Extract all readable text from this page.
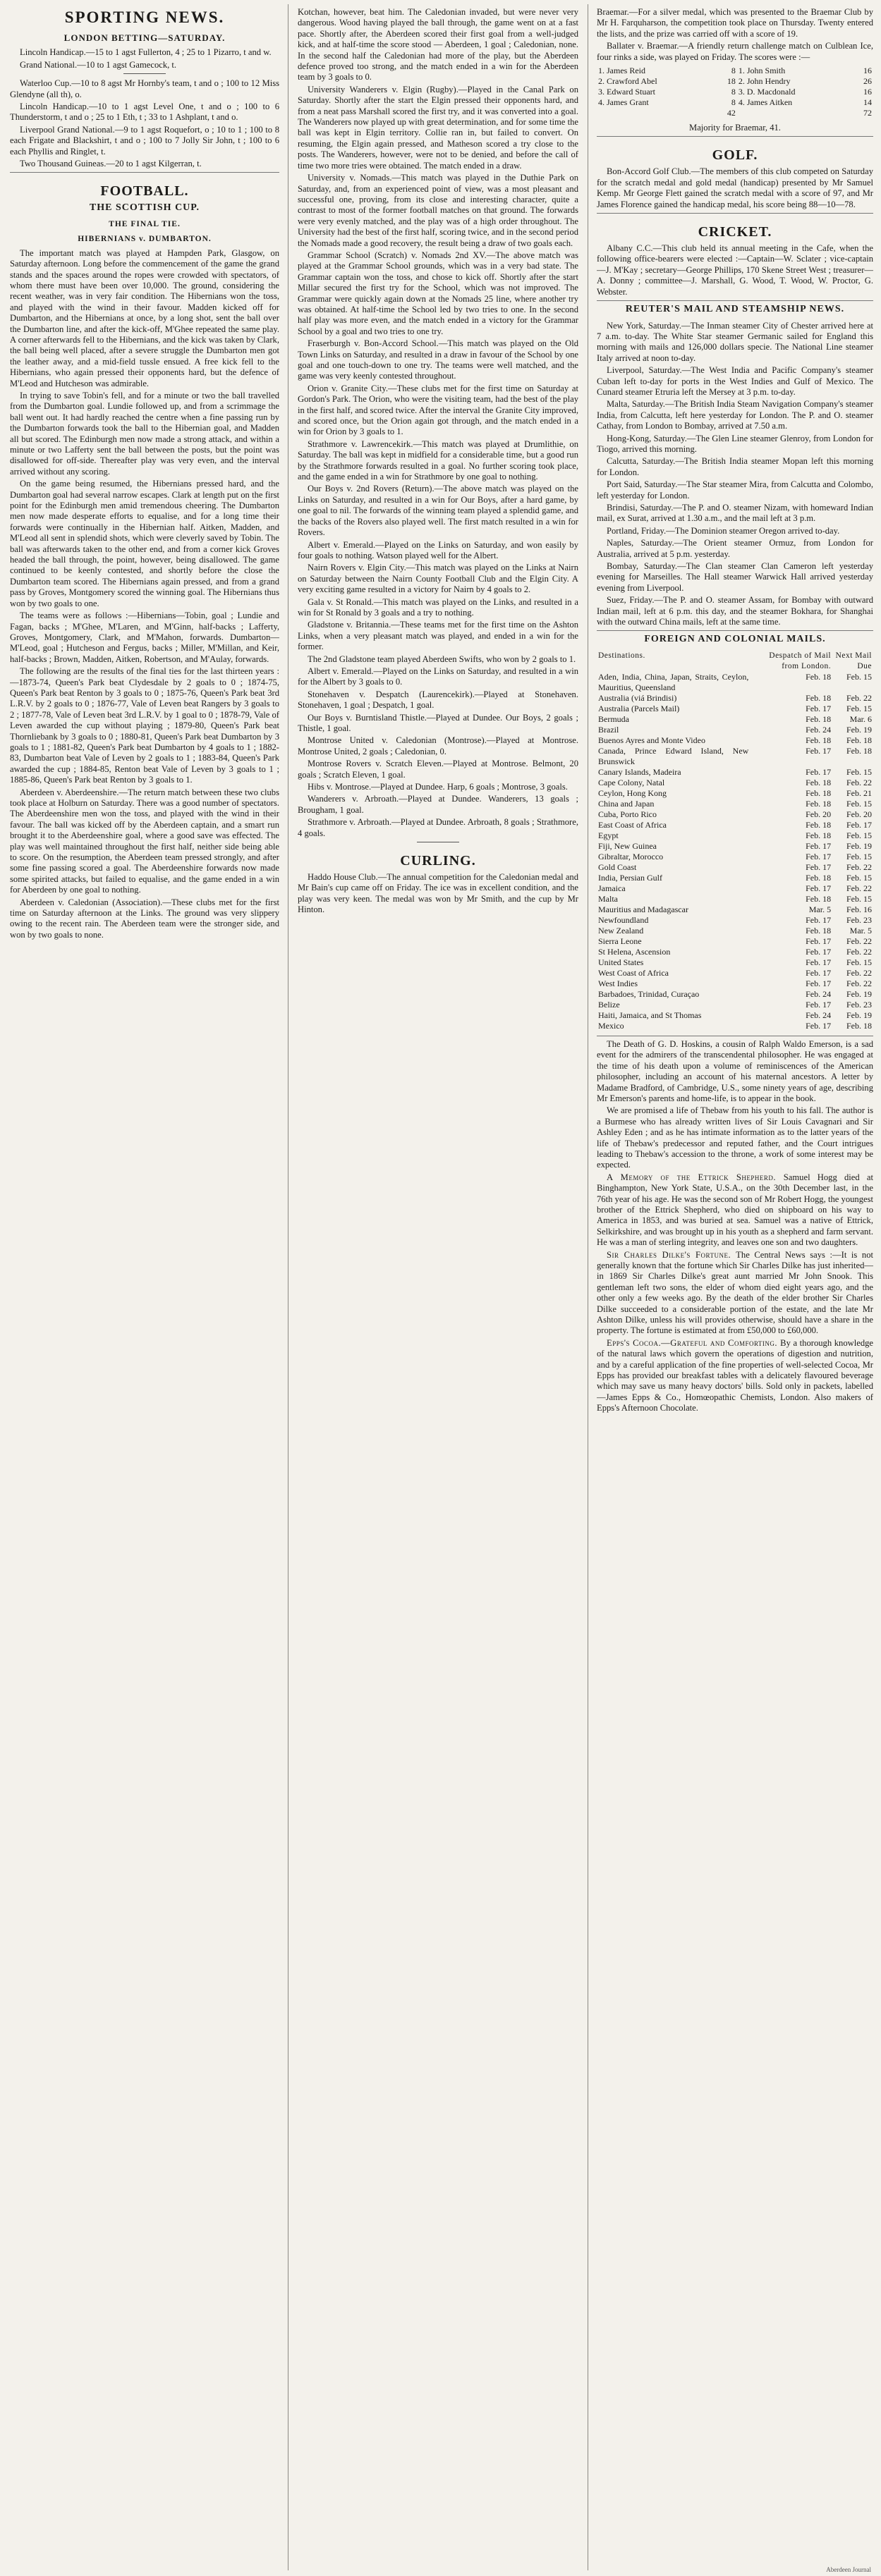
SPORTING NEWS.
LONDON BETTING—SATURDAY.

Lincoln Handicap.—15 to 1 agst Fullerton, 4 ; 25 to 1 Pizarro, t and w.

Grand National.—10 to 1 agst Gamecock, t.

Waterloo Cup.—10 to 8 agst Mr Hornby's team, t and o ; 100 to 12 Miss Glendyne (all th), o.

Lincoln Handicap.—10 to 1 agst Level One, t and o ; 100 to 6 Thunderstorm, t and o ; 25 to 1 Eth, t ; 33 to 1 Ashplant, t and o.

Liverpool Grand National.—9 to 1 agst Roquefort, o ; 10 to 1 ; 100 to 8 each Frigate and Blackshirt, t and o ; 100 to 7 Jolly Sir John, t ; 100 to 6 each Phyllis and Ringlet, t.

Two Thousand Guineas.—20 to 1 agst Kilgerran, t.

FOOTBALL.
THE SCOTTISH CUP.
THE FINAL TIE.
HIBERNIANS v. DUMBARTON.

The important match was played at Hampden Park, Glasgow, on Saturday afternoon. Long before the commencement of the game the grand stands and the spaces around the ropes were crowded with spectators, of whom there must have been over 10,000. The ground, considering the recent weather, was in very fair condition. The Hibernians won the toss, and played with the wind in their favour. Madden kicked off for Dumbarton, and the Hibernians at once, by a long shot, sent the ball over the Dumbarton line, and after the kick-off, M'Ghee repeated the same play. A corner afterwards fell to the Hibernians, and the kick was taken by Clark, the ball being well placed, after a severe struggle the Dumbarton men got the leather away, and a mid-field tussle ensued. A free kick fell to the Hibernians, who again pressed their opponents hard, but the defence of M'Leod and Hutcheson was admirable.

In trying to save Tobin's fell, and for a minute or two the ball travelled from the Dumbarton goal. Lundie followed up, and from a scrimmage the ball went out. It had hardly reached the centre when a fine passing run by the Dumbarton forwards took the ball to the Hibernian goal, and Madden all but scored. The Edinburgh men now made a strong attack, and within a minute or two Lafferty sent the ball between the posts, but the point was disallowed for off-side. Thereafter play was very even, and the interval arrived without any scoring.

On the game being resumed, the Hibernians pressed hard, and the Dumbarton goal had several narrow escapes. Clark at length put on the first point for the Edinburgh men amid tremendous cheering. The Dumbarton men now made desperate efforts to equalise, and for a long time their forwards were continually in the Hibernian half. Aitken, Madden, and M'Leod all sent in splendid shots, which were cleverly saved by Tobin. The ball was afterwards taken to the other end, and from a corner kick Groves headed the ball through, the point, however, being disallowed. The game continued to be keenly contested, and shortly before the close the Dumbarton team scored. The Hibernians again pressed, and from a grand pass by Groves, Montgomery scored the winning goal. The Hibernians thus won by two goals to one.

The teams were as follows :—Hibernians—Tobin, goal ; Lundie and Fagan, backs ; M'Ghee, M'Laren, and M'Ginn, half-backs ; Lafferty, Groves, Montgomery, Clark, and M'Mahon, forwards. Dumbarton—M'Leod, goal ; Hutcheson and Fergus, backs ; Miller, M'Millan, and Keir, half-backs ; Brown, Madden, Aitken, Robertson, and M'Aulay, forwards.

The following are the results of the final ties for the last thirteen years :—1873-74, Queen's Park beat Clydesdale by 2 goals to 0 ; 1874-75, Queen's Park beat Renton by 3 goals to 0 ; 1875-76, Queen's Park beat 3rd L.R.V. by 2 goals to 0 ; 1876-77, Vale of Leven beat Rangers by 3 goals to 2 ; 1877-78, Vale of Leven beat 3rd L.R.V. by 1 goal to 0 ; 1878-79, Vale of Leven awarded the cup without playing ; 1879-80, Queen's Park beat Thornliebank by 3 goals to 0 ; 1880-81, Queen's Park beat Dumbarton by 3 goals to 1 ; 1881-82, Queen's Park beat Dumbarton by 4 goals to 1 ; 1882-83, Dumbarton beat Vale of Leven by 2 goals to 1 ; 1883-84, Queen's Park awarded the cup ; 1884-85, Renton beat Vale of Leven by 3 goals to 1 ; 1885-86, Queen's Park beat Renton by 3 goals to 1.

Aberdeen v. Aberdeenshire.—The return match between these two clubs took place at Holburn on Saturday. There was a good number of spectators. The Aberdeenshire men won the toss, and played with the wind in their favour. The ball was kicked off by the Aberdeen captain, and a smart run brought it to the Aberdeenshire goal, where a good save was effected. The play was well maintained throughout the first half, neither side being able to score. On the resumption, the Aberdeen team pressed strongly, and after some fine passing scored a goal. The Aberdeenshire forwards now made some spirited attacks, but failed to equalise, and the game ended in a win for Aberdeen by one goal to nothing.

Aberdeen v. Caledonian (Association).—These clubs met for the first time on Saturday afternoon at the Links. The ground was very slippery owing to the recent rain. The Aberdeen team were the stronger side, and won by two goals to none.

Kotchan, however, beat him. The Caledonian invaded, but were never very dangerous. Wood having played the ball through, the game went on at a fast pace. Shortly after, the Aberdeen scored their first goal from a well-judged kick, and at half-time the score stood — Aberdeen, 1 goal ; Caledonian, none. In the second half the Caledonian had more of the play, but the Aberdeen defence proved too strong, and the match ended in a win for the Aberdeen team by 3 goals to 0.

University Wanderers v. Elgin (Rugby).—Played in the Canal Park on Saturday. Shortly after the start the Elgin pressed their opponents hard, and from a neat pass Marshall scored the first try, and it was converted into a goal. The Wanderers now played up with great determination, and for some time the ball was kept in Elgin territory. Collie ran in, but failed to convert. On resuming, the Elgin again pressed, and Matheson scored a try close to the posts. The Wanderers, however, were not to be denied, and before the call of time two more tries were obtained. The match ended in a draw.

University v. Nomads.—This match was played in the Duthie Park on Saturday, and, from an experienced point of view, was a most pleasant and successful one, proving, from its close and interesting character, quite a contrast to most of the former football matches on that ground. The forwards were very evenly matched, and the play was of a high order throughout. The University had the best of the first half, scoring twice, and in the second period the Nomads made a good recovery, the result being a draw of two goals each.

Grammar School (Scratch) v. Nomads 2nd XV.—The above match was played at the Grammar School grounds, which was in a very bad state. The Grammar captain won the toss, and chose to kick off. Shortly after the start Millar secured the first try for the School, which was not improved. The Grammar were quickly again down at the Nomads 25 line, where another try was obtained. At half-time the School led by two tries to one. In the second half play was more even, and the match ended in a victory for the Grammar School by a goal and two tries to one try.

Fraserburgh v. Bon-Accord School.—This match was played on the Old Town Links on Saturday, and resulted in a draw in favour of the School by one goal and one touch-down to one try. The teams were well matched, and the game was very keenly contested throughout.

Orion v. Granite City.—These clubs met for the first time on Saturday at Gordon's Park. The Orion, who were the visiting team, had the best of the play in the first half, and scored twice. After the interval the Granite City improved, and scored once, but the Orion again got through, and the match ended in a win for Orion by 3 goals to 1.

Strathmore v. Lawrencekirk.—This match was played at Drumlithie, on Saturday. The ball was kept in midfield for a considerable time, but a good run by the Strathmore forwards resulted in a goal. No further scoring took place, and the game ended in a win for Strathmore by one goal to nothing.

Our Boys v. 2nd Rovers (Return).—The above match was played on the Links on Saturday, and resulted in a win for Our Boys, after a hard game, by one goal to nil. The forwards of the winning team played a splendid game, and the backs of the Rovers also played well. The first match resulted in a win for Rovers.

Albert v. Emerald.—Played on the Links on Saturday, and won easily by four goals to nothing. Watson played well for the Albert.

Nairn Rovers v. Elgin City.—This match was played on the Links at Nairn on Saturday between the Nairn County Football Club and the Elgin City. A very exciting game resulted in a victory for Nairn by 4 goals to 2.

Gala v. St Ronald.—This match was played on the Links, and resulted in a win for St Ronald by 3 goals and a try to nothing.

Gladstone v. Britannia.—These teams met for the first time on the Ashton Links, when a very pleasant match was played, and ended in a win for the former.

The 2nd Gladstone team played Aberdeen Swifts, who won by 2 goals to 1.

Albert v. Emerald.—Played on the Links on Saturday, and resulted in a win for the Albert by 3 goals to 0.

Stonehaven v. Despatch (Laurencekirk).—Played at Stonehaven. Stonehaven, 1 goal ; Despatch, 1 goal.

Our Boys v. Burntisland Thistle.—Played at Dundee. Our Boys, 2 goals ; Thistle, 1 goal.

Montrose United v. Caledonian (Montrose).—Played at Montrose. Montrose United, 2 goals ; Caledonian, 0.

Montrose Rovers v. Scratch Eleven.—Played at Montrose. Belmont, 20 goals ; Scratch Eleven, 1 goal.

Hibs v. Montrose.—Played at Dundee. Harp, 6 goals ; Montrose, 3 goals.

Wanderers v. Arbroath.—Played at Dundee. Wanderers, 13 goals ; Brougham, 1 goal.

Strathmore v. Arbroath.—Played at Dundee. Arbroath, 8 goals ; Strathmore, 4 goals.

CURLING.

Haddo House Club.—The annual competition for the Caledonian medal and Mr Bain's cup came off on Friday. The ice was in excellent condition, and the play was very keen. The medal was won by Mr Smith, and the cup by Mr Hinton.

Braemar.—For a silver medal, which was presented to the Braemar Club by Mr H. Farquharson, the competition took place on Thursday. Twenty entered the lists, and the prize was carried off with a score of 19.

Ballater v. Braemar.—A friendly return challenge match on Culblean Ice, four rinks a side, was played on Friday. The scores were :—

1. James Reid	8	1. John Smith	16
2. Crawford Abel	18	2. John Hendry	26
3. Edward Stuart	8	3. D. Macdonald	16
4. James Grant	8	4. James Aitken	14
	42		72

Majority for Braemar, 41.

GOLF.

Bon-Accord Golf Club.—The members of this club competed on Saturday for the scratch medal and gold medal (handicap) presented by Mr Samuel Kemp. Mr George Flett gained the scratch medal with a score of 97, and Mr James Florence gained the handicap medal, his score being 88—10—78.

CRICKET.

Albany C.C.—This club held its annual meeting in the Cafe, when the following office-bearers were elected :—Captain—W. Sclater ; vice-captain—J. M'Kay ; secretary—George Phillips, 170 Skene Street West ; treasurer—A. Donny ; committee—J. Marshall, G. Wood, T. Wood, W. Proctor, G. Webster.

REUTER'S MAIL AND STEAMSHIP NEWS.

New York, Saturday.—The Inman steamer City of Chester arrived here at 7 a.m. to-day. The White Star steamer Germanic sailed for England this morning with mails and 126,000 dollars specie. The National Line steamer Italy arrived at noon to-day.

Liverpool, Saturday.—The West India and Pacific Company's steamer Cuban left to-day for ports in the West Indies and Gulf of Mexico. The Cunard steamer Etruria left the Mersey at 3 p.m. to-day.

Malta, Saturday.—The British India Steam Navigation Company's steamer India, from Calcutta, left here yesterday for London. The P. and O. steamer Cathay, from London to Bombay, arrived at 7.50 a.m.

Hong-Kong, Saturday.—The Glen Line steamer Glenroy, from London for Tiogo, arrived this morning.

Calcutta, Saturday.—The British India steamer Mopan left this morning for London.

Port Said, Saturday.—The Star steamer Mira, from Calcutta and Colombo, left yesterday for London.

Brindisi, Saturday.—The P. and O. steamer Nizam, with homeward Indian mail, ex Surat, arrived at 1.30 a.m., and the mail left at 3 p.m.

Portland, Friday.—The Dominion steamer Oregon arrived to-day.

Naples, Saturday.—The Orient steamer Ormuz, from London for Australia, arrived at 5 p.m. yesterday.

Bombay, Saturday.—The Clan steamer Clan Cameron left yesterday evening for Marseilles. The Hall steamer Warwick Hall arrived yesterday evening from Liverpool.

Suez, Friday.—The P. and O. steamer Assam, for Bombay with outward Indian mail, left at 6 p.m. this day, and the steamer Bokhara, for Shanghai with the outward China mails, left at the same time.

FOREIGN AND COLONIAL MAILS.
Destinations.	Despatch of Mail from London.	Next Mail Due
Aden, India, China, Japan, Straits, Ceylon, Mauritius, Queensland	Feb. 18	Feb. 15
Australia (viá Brindisi)	Feb. 18	Feb. 22
Australia (Parcels Mail)	Feb. 17	Feb. 15
Bermuda	Feb. 18	Mar. 6
Brazil	Feb. 24	Feb. 19
Buenos Ayres and Monte Video	Feb. 18	Feb. 18
Canada, Prince Edward Island, New Brunswick	Feb. 17	Feb. 18
Canary Islands, Madeira	Feb. 17	Feb. 15
Cape Colony, Natal	Feb. 18	Feb. 22
Ceylon, Hong Kong	Feb. 18	Feb. 21
China and Japan	Feb. 18	Feb. 15
Cuba, Porto Rico	Feb. 20	Feb. 20
East Coast of Africa	Feb. 18	Feb. 17
Egypt	Feb. 18	Feb. 15
Fiji, New Guinea	Feb. 17	Feb. 19
Gibraltar, Morocco	Feb. 17	Feb. 15
Gold Coast	Feb. 17	Feb. 22
India, Persian Gulf	Feb. 18	Feb. 15
Jamaica	Feb. 17	Feb. 22
Malta	Feb. 18	Feb. 15
Mauritius and Madagascar	Mar. 5	Feb. 16
Newfoundland	Feb. 17	Feb. 23
New Zealand	Feb. 18	Mar. 5
Sierra Leone	Feb. 17	Feb. 22
St Helena, Ascension	Feb. 17	Feb. 22
United States	Feb. 17	Feb. 15
West Coast of Africa	Feb. 17	Feb. 22
West Indies	Feb. 17	Feb. 22
Barbadoes, Trinidad, Curaçao	Feb. 24	Feb. 19
Belize	Feb. 17	Feb. 23
Haiti, Jamaica, and St Thomas	Feb. 24	Feb. 19
Mexico	Feb. 17	Feb. 18

The Death of G. D. Hoskins, a cousin of Ralph Waldo Emerson, is a sad event for the admirers of the transcendental philosopher. He was engaged at the time of his death upon a volume of reminiscences of the American philosopher, including an account of his maternal ancestors. A letter by Madame Bradford, of Cambridge, U.S., some ninety years of age, describing Mr Emerson's parents and home-life, is to appear in the book.

We are promised a life of Thebaw from his youth to his fall. The author is a Burmese who has already written lives of Sir Louis Cavagnari and Sir Ashley Eden ; and as he has intimate information as to the latter years of the life of Thebaw's predecessor and reputed father, and the Court intrigues leading to Thebaw's accession to the throne, a work of some interest may be expected.

A Memory of the Ettrick Shepherd. Samuel Hogg died at Binghampton, New York State, U.S.A., on the 30th December last, in the 76th year of his age. He was the second son of Mr Robert Hogg, the youngest brother of the Ettrick Shepherd, who died on shipboard on his way to America in 1853, and was buried at sea. Samuel was a native of Ettrick, Selkirkshire, and was brought up in his youth as a shepherd and farm servant. He was a man of sterling integrity, and leaves one son and two daughters.

Sir Charles Dilke's Fortune. The Central News says :—It is not generally known that the fortune which Sir Charles Dilke has just inherited—in 1869 Sir Charles Dilke's great aunt married Mr John Snook. This gentleman left two sons, the elder of whom died eight years ago, and the other only a few weeks ago. By the death of the elder brother Sir Charles Dilke succeeded to a considerable portion of the estate, and the late Mr Ashton Dilke, unless his will provides otherwise, should have a share in the property. The fortune is estimated at from £50,000 to £60,000.

Epps's Cocoa.—Grateful and Comforting. By a thorough knowledge of the natural laws which govern the operations of digestion and nutrition, and by a careful application of the fine properties of well-selected Cocoa, Mr Epps has provided our breakfast tables with a delicately flavoured beverage which may save us many heavy doctors' bills. Sold only in packets, labelled—James Epps & Co., Homœopathic Chemists, London. Also makers of Epps's Afternoon Chocolate.

Aberdeen Journal
